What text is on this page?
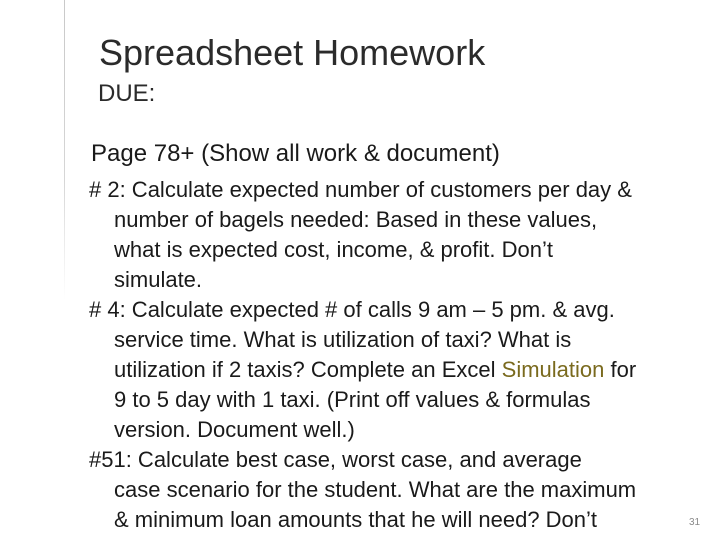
Spreadsheet Homework
DUE:
Page 78+ (Show all work & document)
# 2: Calculate expected number of customers per day &
number of bagels needed: Based in these values,
what is expected cost, income, & profit. Don’t
simulate.
# 4: Calculate expected # of calls 9 am – 5 pm. & avg.
service time. What is utilization of taxi? What is
utilization if 2 taxis? Complete an Excel Simulation for
9 to 5 day with 1 taxi. (Print off values & formulas
version. Document well.)
#51: Calculate best case, worst case, and average
case scenario for the student. What are the maximum
& minimum loan amounts that he will need? Don’t	31
